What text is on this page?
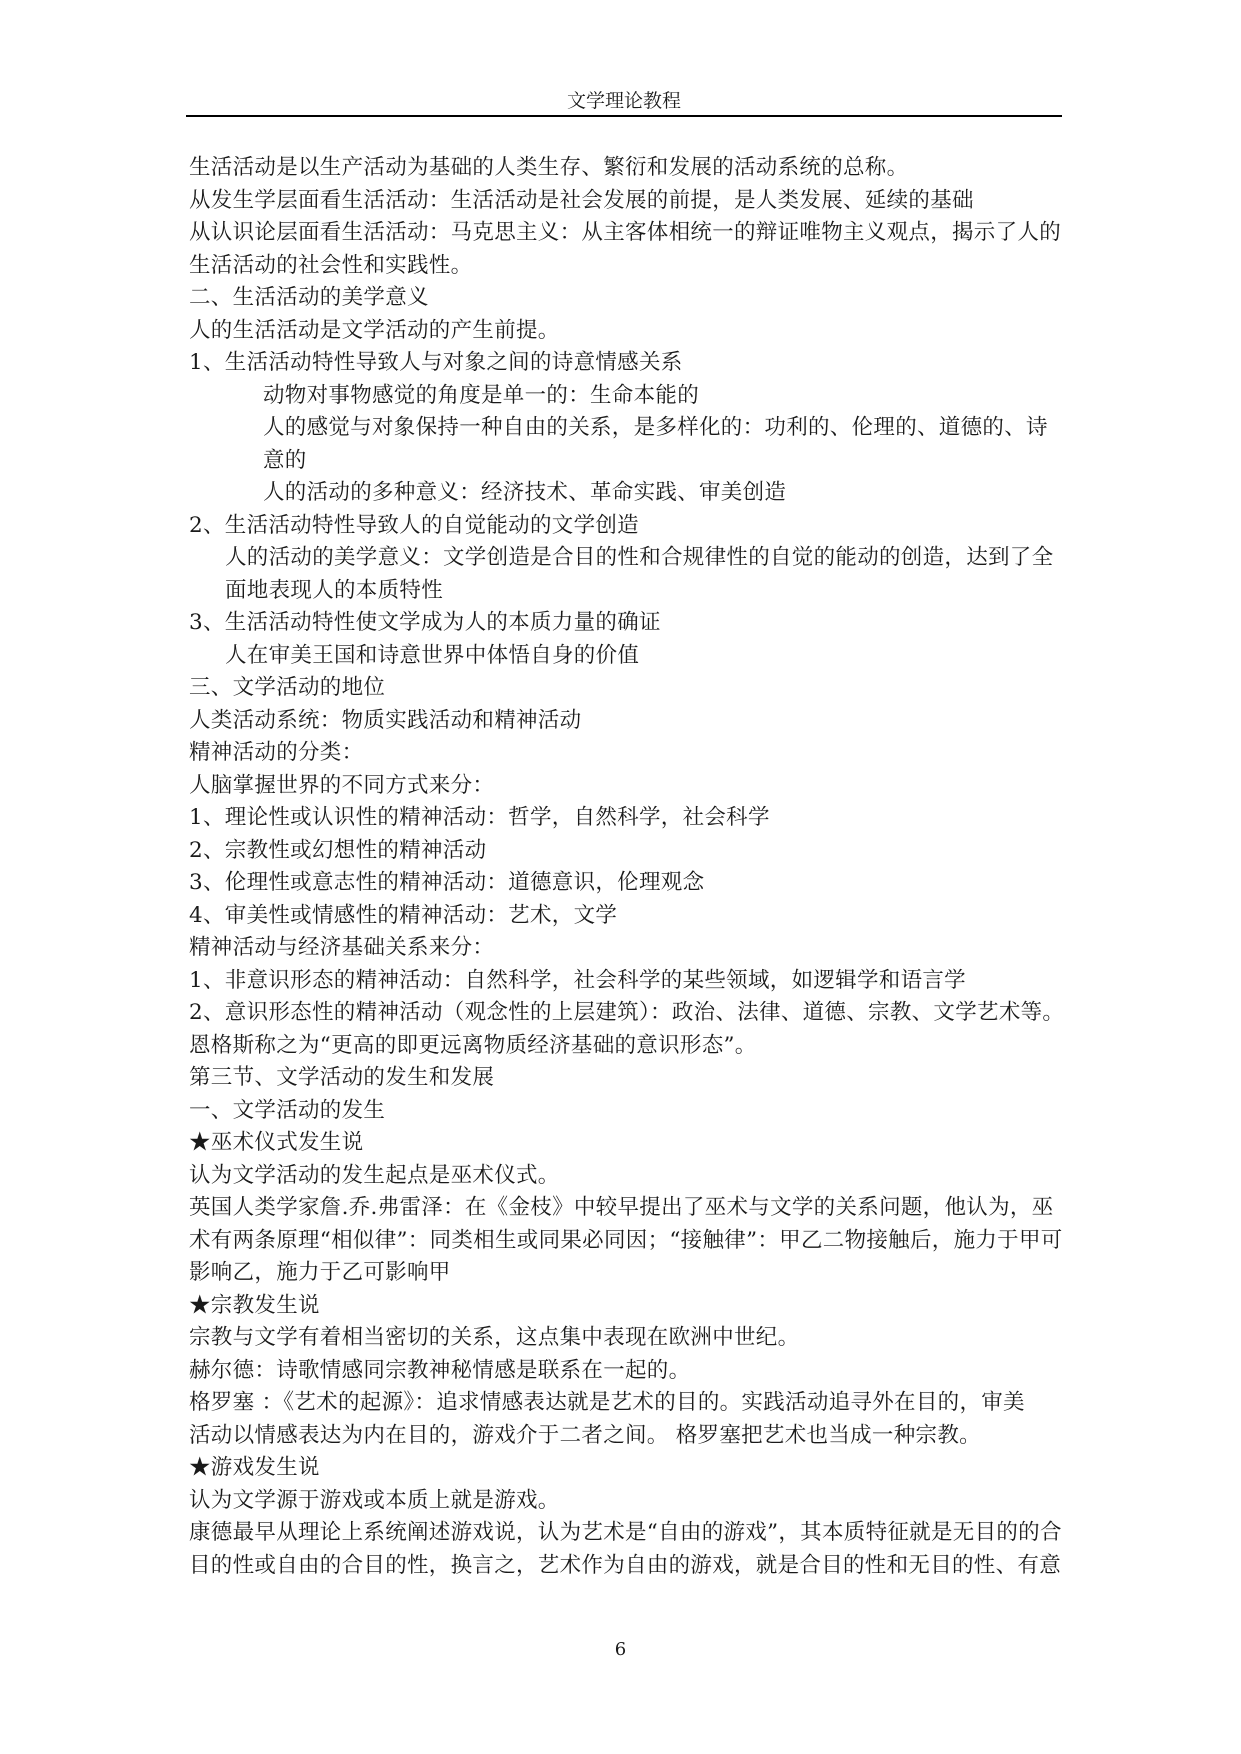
文学理论教程
生活活动是以生产活动为基础的人类生存、繁衍和发展的活动系统的总称。
从发生学层面看生活活动：生活活动是社会发展的前提，是人类发展、延续的基础
从认识论层面看生活活动：马克思主义：从主客体相统一的辩证唯物主义观点，揭示了人的
生活活动的社会性和实践性。
二、生活活动的美学意义
人的生活活动是文学活动的产生前提。
1、生活活动特性导致人与对象之间的诗意情感关系
动物对事物感觉的角度是单一的：生命本能的
人的感觉与对象保持一种自由的关系，是多样化的：功利的、伦理的、道德的、诗
意的
人的活动的多种意义：经济技术、革命实践、审美创造
2、生活活动特性导致人的自觉能动的文学创造
人的活动的美学意义：文学创造是合目的性和合规律性的自觉的能动的创造，达到了全
面地表现人的本质特性
3、生活活动特性使文学成为人的本质力量的确证
人在审美王国和诗意世界中体悟自身的价值
三、文学活动的地位
人类活动系统：物质实践活动和精神活动
精神活动的分类：
人脑掌握世界的不同方式来分：
1、理论性或认识性的精神活动：哲学，自然科学，社会科学
2、宗教性或幻想性的精神活动
3、伦理性或意志性的精神活动：道德意识，伦理观念
4、审美性或情感性的精神活动：艺术，文学
精神活动与经济基础关系来分：
1、非意识形态的精神活动：自然科学，社会科学的某些领域，如逻辑学和语言学
2、意识形态性的精神活动（观念性的上层建筑）：政治、法律、道德、宗教、文学艺术等。
恩格斯称之为“更高的即更远离物质经济基础的意识形态”。
第三节、文学活动的发生和发展
一、文学活动的发生
★巫术仪式发生说
认为文学活动的发生起点是巫术仪式。
英国人类学家詹.乔.弗雷泽：在《金枝》中较早提出了巫术与文学的关系问题，他认为，巫
术有两条原理“相似律”：同类相生或同果必同因；“接触律”：甲乙二物接触后，施力于甲可
影响乙，施力于乙可影响甲
★宗教发生说
宗教与文学有着相当密切的关系，这点集中表现在欧洲中世纪。
赫尔德：诗歌情感同宗教神秘情感是联系在一起的。
格罗塞 ：《艺术的起源》：追求情感表达就是艺术的目的。实践活动追寻外在目的，审美
活动以情感表达为内在目的，游戏介于二者之间。 格罗塞把艺术也当成一种宗教。
★游戏发生说
认为文学源于游戏或本质上就是游戏。
康德最早从理论上系统阐述游戏说，认为艺术是“自由的游戏”，其本质特征就是无目的的合
目的性或自由的合目的性，换言之，艺术作为自由的游戏，就是合目的性和无目的性、有意
6
